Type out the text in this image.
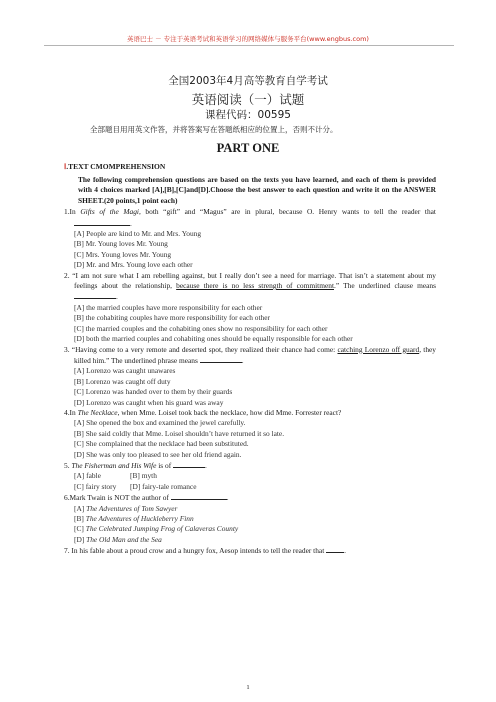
英语巴士 － 专注于英语考试和英语学习的网络媒体与服务平台(www.engbus.com)
全国2003年4月高等教育自学考试
英语阅读（一）试题
课程代码：00595
全部题目用用英文作答，并将答案写在答题纸相应的位置上，否则不计分。
PART ONE
Ⅰ.TEXT CMOMPREHENSION
The following comprehension questions are based on the texts you have learned, and each of them is provided with 4 choices marked [A],[B],[C]and[D].Choose the best answer to each question and write it on the ANSWER SHEET.(20 points,1 point each)
1.In Gifts of the Magi, both “gift” and “Magus” are in plural, because O. Henry wants to tell the reader that .
[A] People are kind to Mr. and Mrs. Young
[B] Mr. Young loves Mr. Young
[C] Mrs. Young loves Mr. Young
[D] Mr. and Mrs. Young love each other
2. “I am not sure what I am rebelling against, but I really don’t see a need for marriage. That isn’t a statement about my feelings about the relationship, because there is no less strength of commitment.” The underlined clause means .
[A] the married couples have more responsibility for each other
[B] the cohabiting couples have more responsibility for each other
[C] the married couples and the cohabiting ones show no responsibility for each other
[D] both the married couples and cohabiting ones should be equally responsible for each other
3. “Having come to a very remote and deserted spot, they realized their chance had come: catching Lorenzo off guard, they killed him.” The underlined phrase means	.
[A] Lorenzo was caught unawares
[B] Lorenzo was caught off duty
[C] Lorenzo was handed over to them by their guards
[D] Lorenzo was caught when his guard was away
4.In The Necklace, when Mme. Loisel took back the necklace, how did Mme. Forrester react?
[A] She opened the box and examined the jewel carefully.
[B] She said coldly that Mme. Loisel shouldn’t have returned it so late.
[C] She complained that the necklace had been substituted.
[D] She was only too pleased to see her old friend again.
5. The Fisherman and His Wife is of	.
[A] fable	[B] myth
[C] fairy story	[D] fairy-tale romance
6.Mark Twain is NOT the author of	.
[A] The Adventures of Tom Sawyer
[B] The Adventures of Huckleberry Finn
[C] The Celebrated Jumping Frog of Calaveras County
[D] The Old Man and the Sea
7. In his fable about a proud crow and a hungry fox, Aesop intends to tell the reader that	.
1
